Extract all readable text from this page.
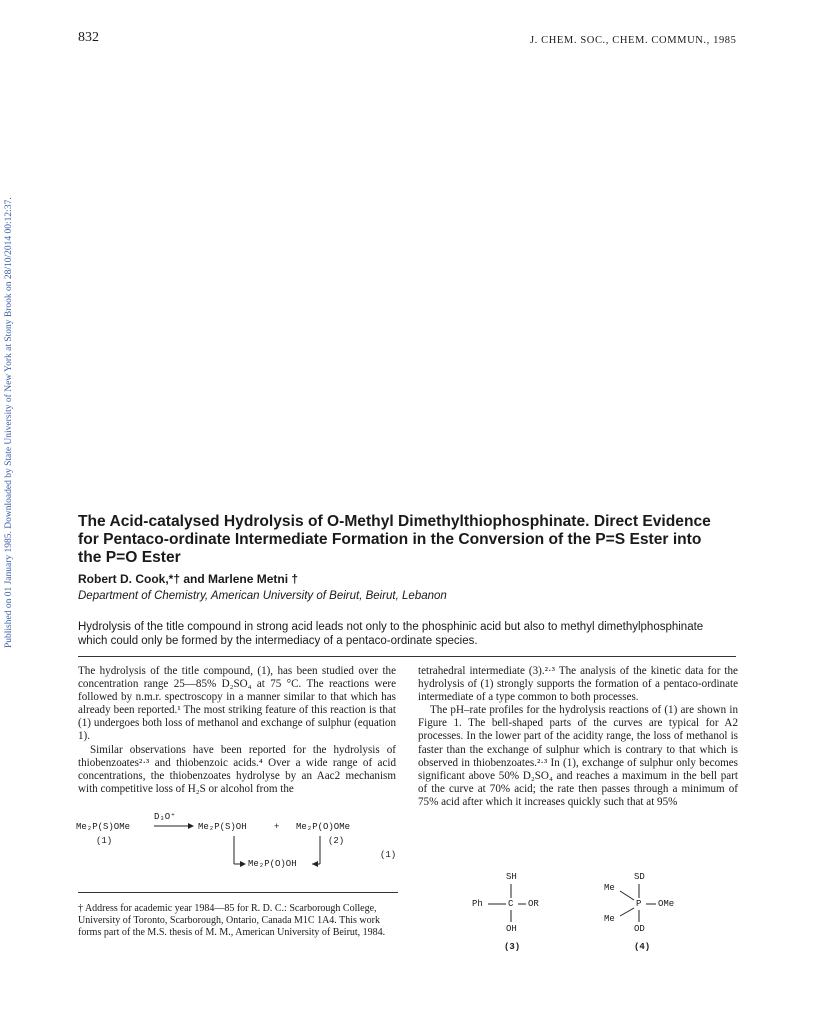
Published on 01 January 1985. Downloaded by State University of New York at Stony Brook on 28/10/2014 00:12:37.
832	J. CHEM. SOC., CHEM. COMMUN., 1985
The Acid-catalysed Hydrolysis of O-Methyl Dimethylthiophosphinate. Direct Evidence
for Pentaco-ordinate Intermediate Formation in the Conversion of the P=S Ester into
the P=O Ester
Robert D. Cook,*† and Marlene Metni †
Department of Chemistry, American University of Beirut, Beirut, Lebanon
Hydrolysis of the title compound in strong acid leads not only to the phosphinic acid but also to methyl dimethylphosphinate which could only be formed by the intermediacy of a pentaco-ordinate species.

The hydrolysis of the title compound, (1), has been studied over the concentration range 25—85% D₂SO₄ at 75 °C. The reactions were followed by n.m.r. spectroscopy in a manner similar to that which has already been reported.¹ The most striking feature of this reaction is that (1) undergoes both loss of methanol and exchange of sulphur (equation 1).

Similar observations have been reported for the hydrolysis of thiobenzoates²·³ and thiobenzoic acids.⁴ Over a wide range of acid concentrations, the thiobenzoates hydrolyse by an Aac2 mechanism with competitive loss of H₂S or alcohol from the

D₃O⁺
Me₂P(S)OMe
(1)
Me₂P(S)OH	+ Me₂P(O)OMe
(2)
Me₂P(O)OH
(1)
† Address for academic year 1984—85 for R. D. C.: Scarborough College, University of Toronto, Scarborough, Ontario, Canada M1C 1A4. This work forms part of the M.S. thesis of M. M., American University of Beirut, 1984.

tetrahedral intermediate (3).²·³ The analysis of the kinetic data for the hydrolysis of (1) strongly supports the formation of a pentaco-ordinate intermediate of a type common to both processes.

The pH–rate profiles for the hydrolysis reactions of (1) are shown in Figure 1. The bell-shaped parts of the curves are typical for A2 processes. In the lower part of the acidity range, the loss of methanol is faster than the exchange of sulphur which is contrary to that which is observed in thiobenzoates.²·³ In (1), exchange of sulphur only becomes significant above 50% D₂SO₄ and reaches a maximum in the bell part of the curve at 70% acid; the rate then passes through a minimum of 75% acid after which it increases quickly such that at 95%

SH
Ph	C OR
OH
(3)
SD
Me
P OMe
Me
OD
(4)
